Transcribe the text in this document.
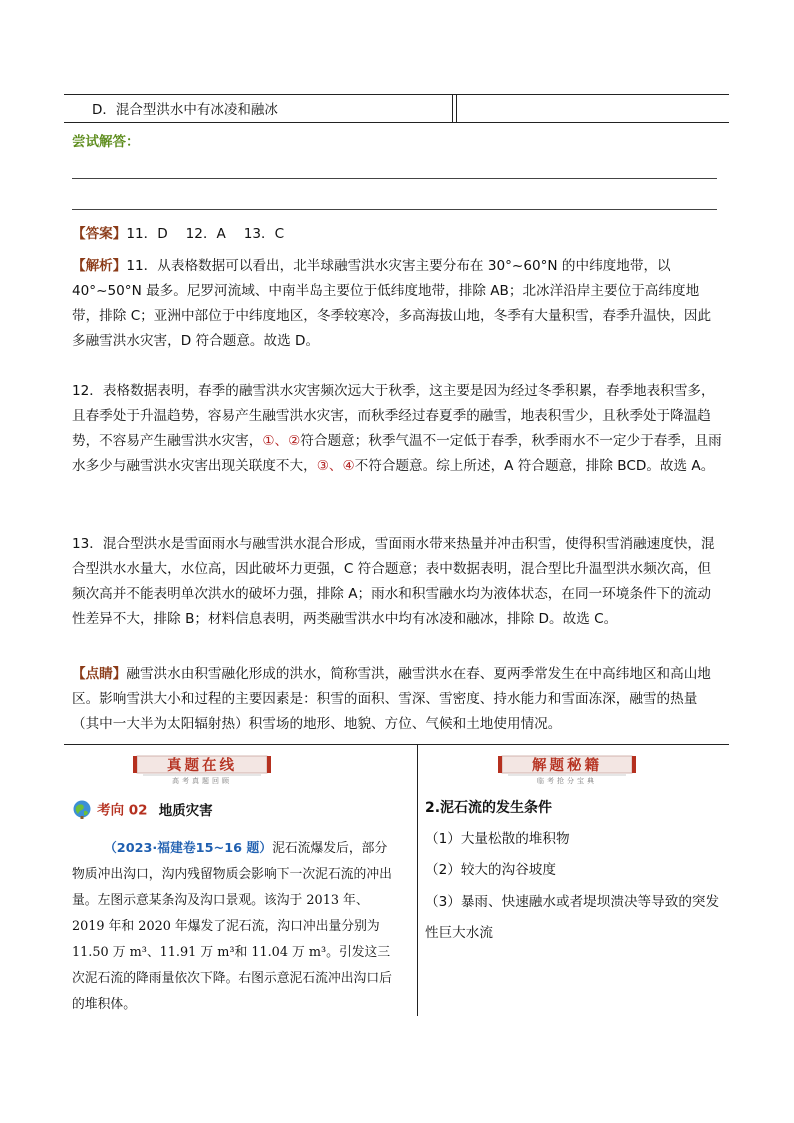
D．混合型洪水中有冰凌和融冰
尝试解答：
【答案】11．D　 12．A　 13．C

【解析】11．从表格数据可以看出，北半球融雪洪水灾害主要分布在 30°~60°N 的中纬度地带，以 40°~50°N 最多。尼罗河流域、中南半岛主要位于低纬度地带，排除 AB；北冰洋沿岸主要位于高纬度地带，排除 C；亚洲中部位于中纬度地区，冬季较寒冷，多高海拔山地，冬季有大量积雪，春季升温快，因此多融雪洪水灾害，D 符合题意。故选 D。

12．表格数据表明，春季的融雪洪水灾害频次远大于秋季，这主要是因为经过冬季积累，春季地表积雪多，且春季处于升温趋势，容易产生融雪洪水灾害，而秋季经过春夏季的融雪，地表积雪少，且秋季处于降温趋势，不容易产生融雪洪水灾害，①、②符合题意；秋季气温不一定低于春季，秋季雨水不一定少于春季，且雨水多少与融雪洪水灾害出现关联度不大，③、④不符合题意。综上所述，A 符合题意，排除 BCD。故选 A。

13．混合型洪水是雪面雨水与融雪洪水混合形成，雪面雨水带来热量并冲击积雪，使得积雪消融速度快，混合型洪水水量大，水位高，因此破坏力更强，C 符合题意；表中数据表明，混合型比升温型洪水频次高，但频次高并不能表明单次洪水的破坏力强，排除 A；雨水和积雪融水均为液体状态，在同一环境条件下的流动性差异不大，排除 B；材料信息表明，两类融雪洪水中均有冰凌和融冰，排除 D。故选 C。

【点睛】融雪洪水由积雪融化形成的洪水，简称雪洪，融雪洪水在春、夏两季常发生在中高纬地区和高山地区。影响雪洪大小和过程的主要因素是：积雪的面积、雪深、雪密度、持水能力和雪面冻深，融雪的热量（其中一大半为太阳辐射热）积雪场的地形、地貌、方位、气候和土地使用情况。

真题在线
高考真题回顾
解题秘籍
临考抢分宝典
考向 02 地质灾害
（2023·福建卷15~16 题）泥石流爆发后，部分物质冲出沟口，沟内残留物质会影响下一次泥石流的冲出量。左图示意某条沟及沟口景观。该沟于 2013 年、2019 年和 2020 年爆发了泥石流，沟口冲出量分别为 11.50 万 m³、11.91 万 m³和 11.04 万 m³。引发这三次泥石流的降雨量依次下降。右图示意泥石流冲出沟口后的堆积体。
2.泥石流的发生条件
（1）大量松散的堆积物
（2）较大的沟谷坡度
（3）暴雨、快速融水或者堤坝溃决等导致的突发性巨大水流
